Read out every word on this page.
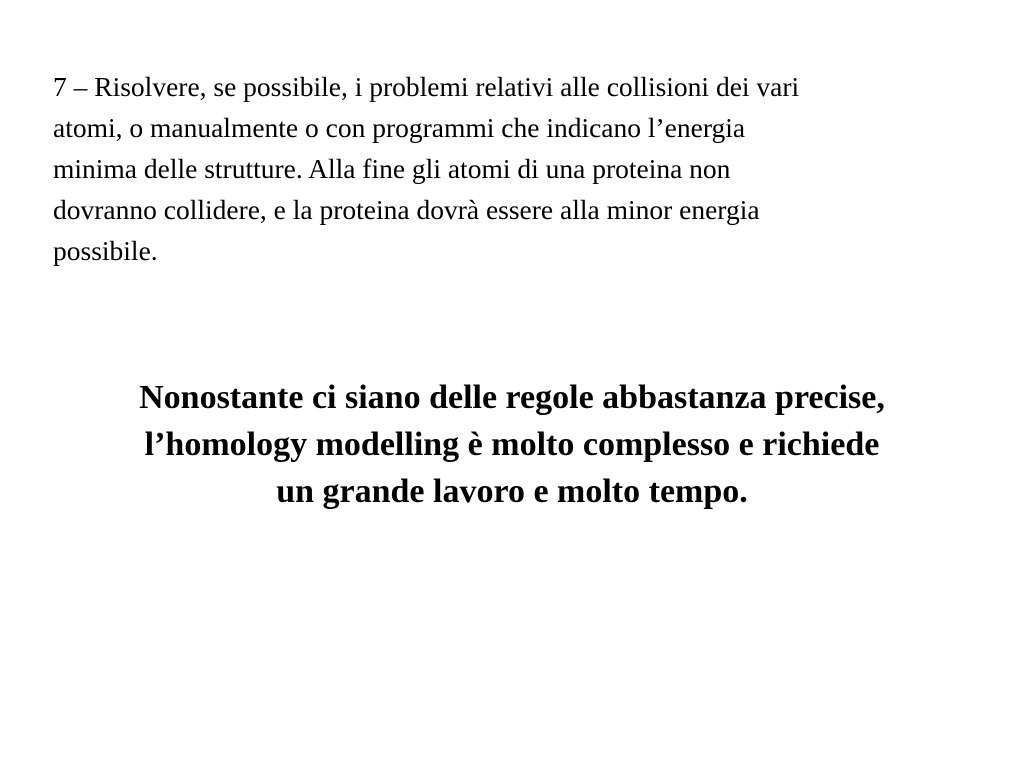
7 – Risolvere, se possibile, i problemi relativi alle collisioni dei vari
atomi, o manualmente o con programmi che indicano l’energia
minima delle strutture. Alla fine gli atomi di una proteina non
dovranno collidere, e la proteina dovrà essere alla minor energia
possibile.

Nonostante ci siano delle regole abbastanza precise,
l’homology modelling è molto complesso e richiede
un grande lavoro e molto tempo.
